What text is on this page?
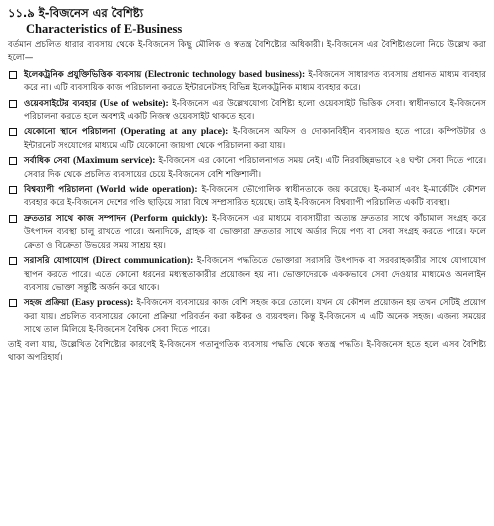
১১.৯ ই-বিজনেস এর বৈশিষ্ট্য
Characteristics of E-Business

বর্তমান প্রচলিত ধারার ব্যবসায় থেকে ই-বিজনেস কিছু মৌলিক ও স্বতন্ত্র বৈশিষ্ট্যের অধিকারী। ই-বিজনেস এর বৈশিষ্ট্যগুলো নিচে উল্লেখ করা হলো—

ইলেকট্রনিক প্রযুক্তিভিত্তিক ব্যবসায় (Electronic technology based business): ই-বিজনেস সাধারণত ব্যবসায় প্রধানত মাধ্যম ব্যবহার করে না। এটি ব্যবসায়িক কাজ পরিচালনা করতে ইন্টারনেটসহ বিভিন্ন ইলেকট্রনিক মাধ্যম ব্যবহার করে।

ওয়েবসাইটের ব্যবহার (Use of website): ই-বিজনেস এর উল্লেখযোগ্য বৈশিষ্ট্য হলো ওয়েবসাইট ভিত্তিক সেবা। স্বাধীনভাবে ই-বিজনেস পরিচালনা করতে হলে অবশ্যই একটি নিজস্ব ওয়েবসাইট থাকতে হবে।

যেকোনো স্থানে পরিচালনা (Operating at any place): ই-বিজনেস অফিস ও দোকানবিহীন ব্যবসায়ও হতে পারে। কম্পিউটার ও ইন্টারনেট সংযোগের মাধ্যমে এটি যেকোনো জায়গা থেকে পরিচালনা করা যায়।

সর্বাধিক সেবা (Maximum service): ই-বিজনেস এর কোনো পরিচালনাগত সময় নেই। এটি নিরবচ্ছিন্নভাবে ২৪ ঘণ্টা সেবা দিতে পারে। সেবার দিক থেকে প্রচলিত ব্যবসায়ের চেয়ে ই-বিজনেস বেশি শক্তিশালী।

বিশ্বব্যাপী পরিচালনা (World wide operation): ই-বিজনেস ভৌগোলিক স্বাধীনতাকে জয় করেছে। ই-কমার্স এবং ই-মার্কেটিং কৌশল ব্যবহার করে ই-বিজনেস দেশের গণ্ডি ছাড়িয়ে সারা বিশ্বে সম্প্রসারিত হয়েছে। তাই ই-বিজনেস বিশ্বব্যাপী পরিচালিত একটি ব্যবস্থা।

দ্রুততার সাথে কাজ সম্পাদন (Perform quickly): ই-বিজনেস এর মাধ্যমে ব্যবসায়ীরা অত্যন্ত দ্রুততার সাথে কাঁচামাল সংগ্রহ করে উৎপাদন ব্যবস্থা চালু রাখতে পারে। অন্যদিকে, গ্রাহক বা ভোক্তারা দ্রুততার সাথে অর্ডার দিয়ে পণ্য বা সেবা সংগ্রহ করতে পারে। ফলে ক্রেতা ও বিক্রেতা উভয়ের সময় সাশ্রয় হয়।

সরাসরি যোগাযোগ (Direct communication): ই-বিজনেস পদ্ধতিতে ভোক্তারা সরাসরি উৎপাদক বা সরবরাহকারীর সাথে যোগাযোগ স্থাপন করতে পারে। এতে কোনো ধরনের মধ্যস্থতাকারীর প্রয়োজন হয় না। ভোক্তাদেরকে এককভাবে সেবা দেওয়ার মাধ্যমেও অনলাইন ব্যবসায় ভোক্তা সন্তুষ্টি অর্জন করে থাকে।

সহজ প্রক্রিয়া (Easy process): ই-বিজনেস ব্যবসায়ের কাজ বেশি সহজ করে তোলে। যখন যে কৌশল প্রয়োজন হয় তখন সেটিই প্রয়োগ করা যায়। প্রচলিত ব্যবসায়ের কোনো প্রক্রিয়া পরিবর্তন করা কষ্টকর ও ব্যয়বহুল। কিন্তু ই-বিজনেস এ এটি অনেক সহজ। এজন্য সময়ের সাথে তাল মিলিয়ে ই-বিজনেস বৈশ্বিক সেবা দিতে পারে।

তাই বলা যায়, উল্লেখিত বৈশিষ্ট্যের কারণেই ই-বিজনেস গতানুগতিক ব্যবসায় পদ্ধতি থেকে স্বতন্ত্র পদ্ধতি। ই-বিজনেস হতে হলে এসব বৈশিষ্ট্য থাকা অপরিহার্য।
